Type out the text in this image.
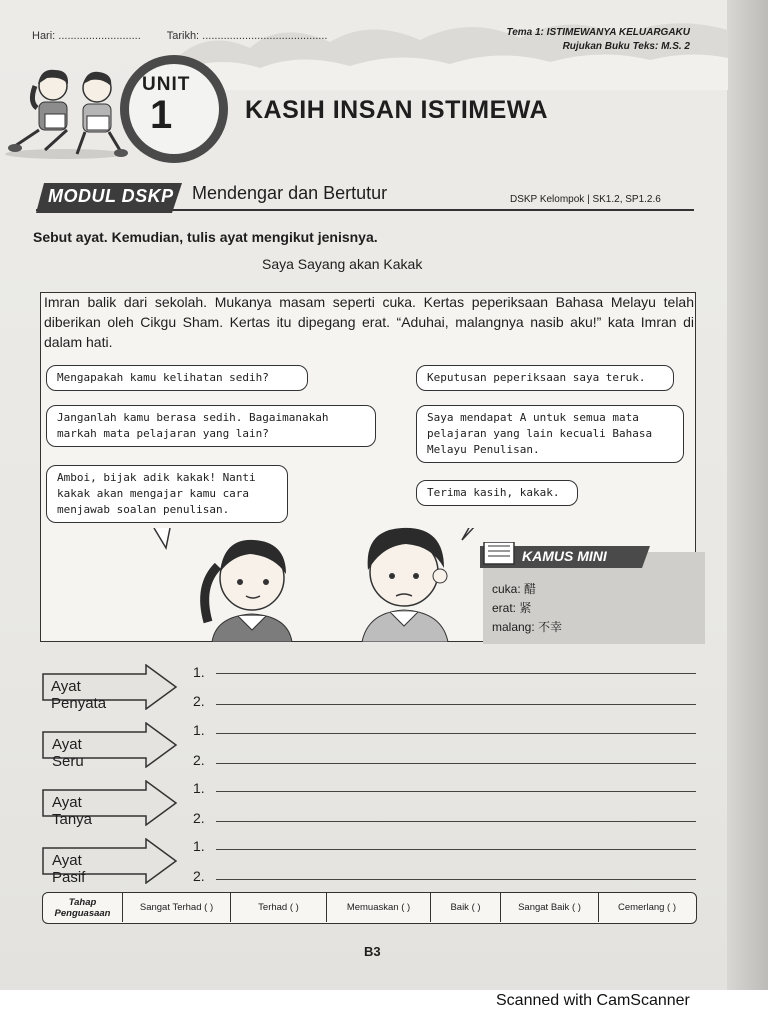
Hari: ........................... Tarikh: .........................................	Tema 1: ISTIMEWANYA KELUARGAKU
Rujukan Buku Teks: M.S. 2
UNIT
1	KASIH INSAN ISTIMEWA
MODUL DSKP Mendengar dan Bertutur	DSKP Kelompok | SK1.2, SP1.2.6
Sebut ayat. Kemudian, tulis ayat mengikut jenisnya.
Saya Sayang akan Kakak
Imran balik dari sekolah. Mukanya masam seperti cuka. Kertas peperiksaan Bahasa Melayu telah diberikan oleh Cikgu Sham. Kertas itu dipegang erat. “Aduhai, malangnya nasib aku!” kata Imran di dalam hati.
Mengapakah kamu kelihatan sedih?
Janganlah kamu berasa sedih. Bagaimanakah markah mata pelajaran yang lain?
Amboi, bijak adik kakak! Nanti kakak akan mengajar kamu cara menjawab soalan penulisan.
Keputusan peperiksaan saya teruk.
Saya mendapat A untuk semua mata pelajaran yang lain kecuali Bahasa Melayu Penulisan.
Terima kasih, kakak.
KAMUS MINI
cuka: 醋
erat: 紧
malang: 不幸
Ayat Penyata
1.
2.
Ayat Seru
1.
2.
Ayat Tanya
1.
2.
Ayat Pasif
1.
2.
Tahap Penguasaan	Sangat Terhad ( )	Terhad ( )	Memuaskan ( )	Baik ( )	Sangat Baik ( )	Cemerlang ( )
B3
Scanned with CamScanner
